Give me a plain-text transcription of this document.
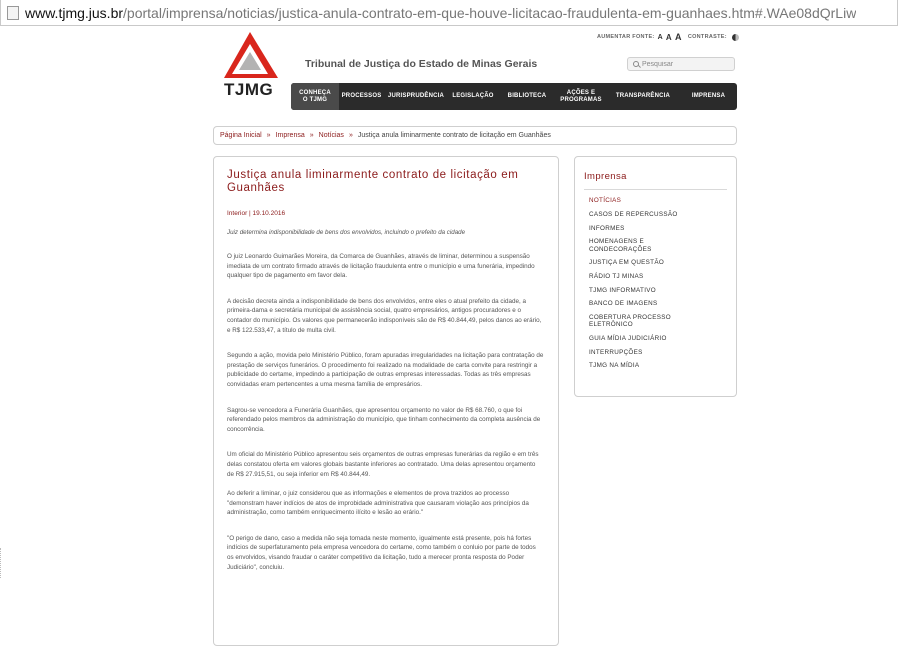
www.tjmg.jus.br/portal/imprensa/noticias/justica-anula-contrato-em-que-houve-licitacao-fraudulenta-em-guanhaes.htm#.WAe08dQrLiw
TJMG
Tribunal de Justiça do Estado de Minas Gerais
AUMENTAR FONTE: A A A CONTRASTE:
Pesquisar
CONHEÇA
O TJMG
PROCESSOS	JURISPRUDÊNCIA	LEGISLAÇÃO	BIBLIOTECA
AÇÕES E
PROGRAMAS
TRANSPARÊNCIA	IMPRENSA
Página Inicial » Imprensa » Notícias » Justiça anula liminarmente contrato de licitação em Guanhães
Justiça anula liminarmente contrato de licitação em Guanhães
Interior | 19.10.2016
Juiz determina indisponibilidade de bens dos envolvidos, incluindo o prefeito da cidade

O juiz Leonardo Guimarães Moreira, da Comarca de Guanhães, através de liminar, determinou a suspensão imediata de um contrato firmado através de licitação fraudulenta entre o município e uma funerária, impedindo qualquer tipo de pagamento em favor dela.

A decisão decreta ainda a indisponibilidade de bens dos envolvidos, entre eles o atual prefeito da cidade, a primeira-dama e secretária municipal de assistência social, quatro empresários, antigos procuradores e o contador do município. Os valores que permanecerão indisponíveis são de R$ 40.844,49, pelos danos ao erário, e R$ 122.533,47, a título de multa civil.

Segundo a ação, movida pelo Ministério Público, foram apuradas irregularidades na licitação para contratação de prestação de serviços funerários. O procedimento foi realizado na modalidade de carta convite para restringir a publicidade do certame, impedindo a participação de outras empresas interessadas. Todas as três empresas convidadas eram pertencentes a uma mesma família de empresários.

Sagrou-se vencedora a Funerária Guanhães, que apresentou orçamento no valor de R$ 68.760, o que foi referendado pelos membros da administração do município, que tinham conhecimento da completa ausência de concorrência.

Um oficial do Ministério Público apresentou seis orçamentos de outras empresas funerárias da região e em três delas constatou oferta em valores globais bastante inferiores ao contratado. Uma delas apresentou orçamento de R$ 27.915,51, ou seja inferior em R$ 40.844,49.

Ao deferir a liminar, o juiz considerou que as informações e elementos de prova trazidos ao processo "demonstram haver indícios de atos de improbidade administrativa que causaram violação aos princípios da administração, como também enriquecimento ilícito e lesão ao erário."

"O perigo de dano, caso a medida não seja tomada neste momento, igualmente está presente, pois há fortes indícios de superfaturamento pela empresa vencedora do certame, como também o conluio por parte de todos os envolvidos, visando fraudar o caráter competitivo da licitação, tudo a merecer pronta resposta do Poder Judiciário", concluiu.

Imprensa
NOTÍCIAS
CASOS DE REPERCUSSÃO
INFORMES
HOMENAGENS E
CONDECORAÇÕES
JUSTIÇA EM QUESTÃO
RÁDIO TJ MINAS
TJMG INFORMATIVO
BANCO DE IMAGENS
COBERTURA PROCESSO
ELETRÔNICO
GUIA MÍDIA JUDICIÁRIO
INTERRUPÇÕES
TJMG NA MÍDIA
